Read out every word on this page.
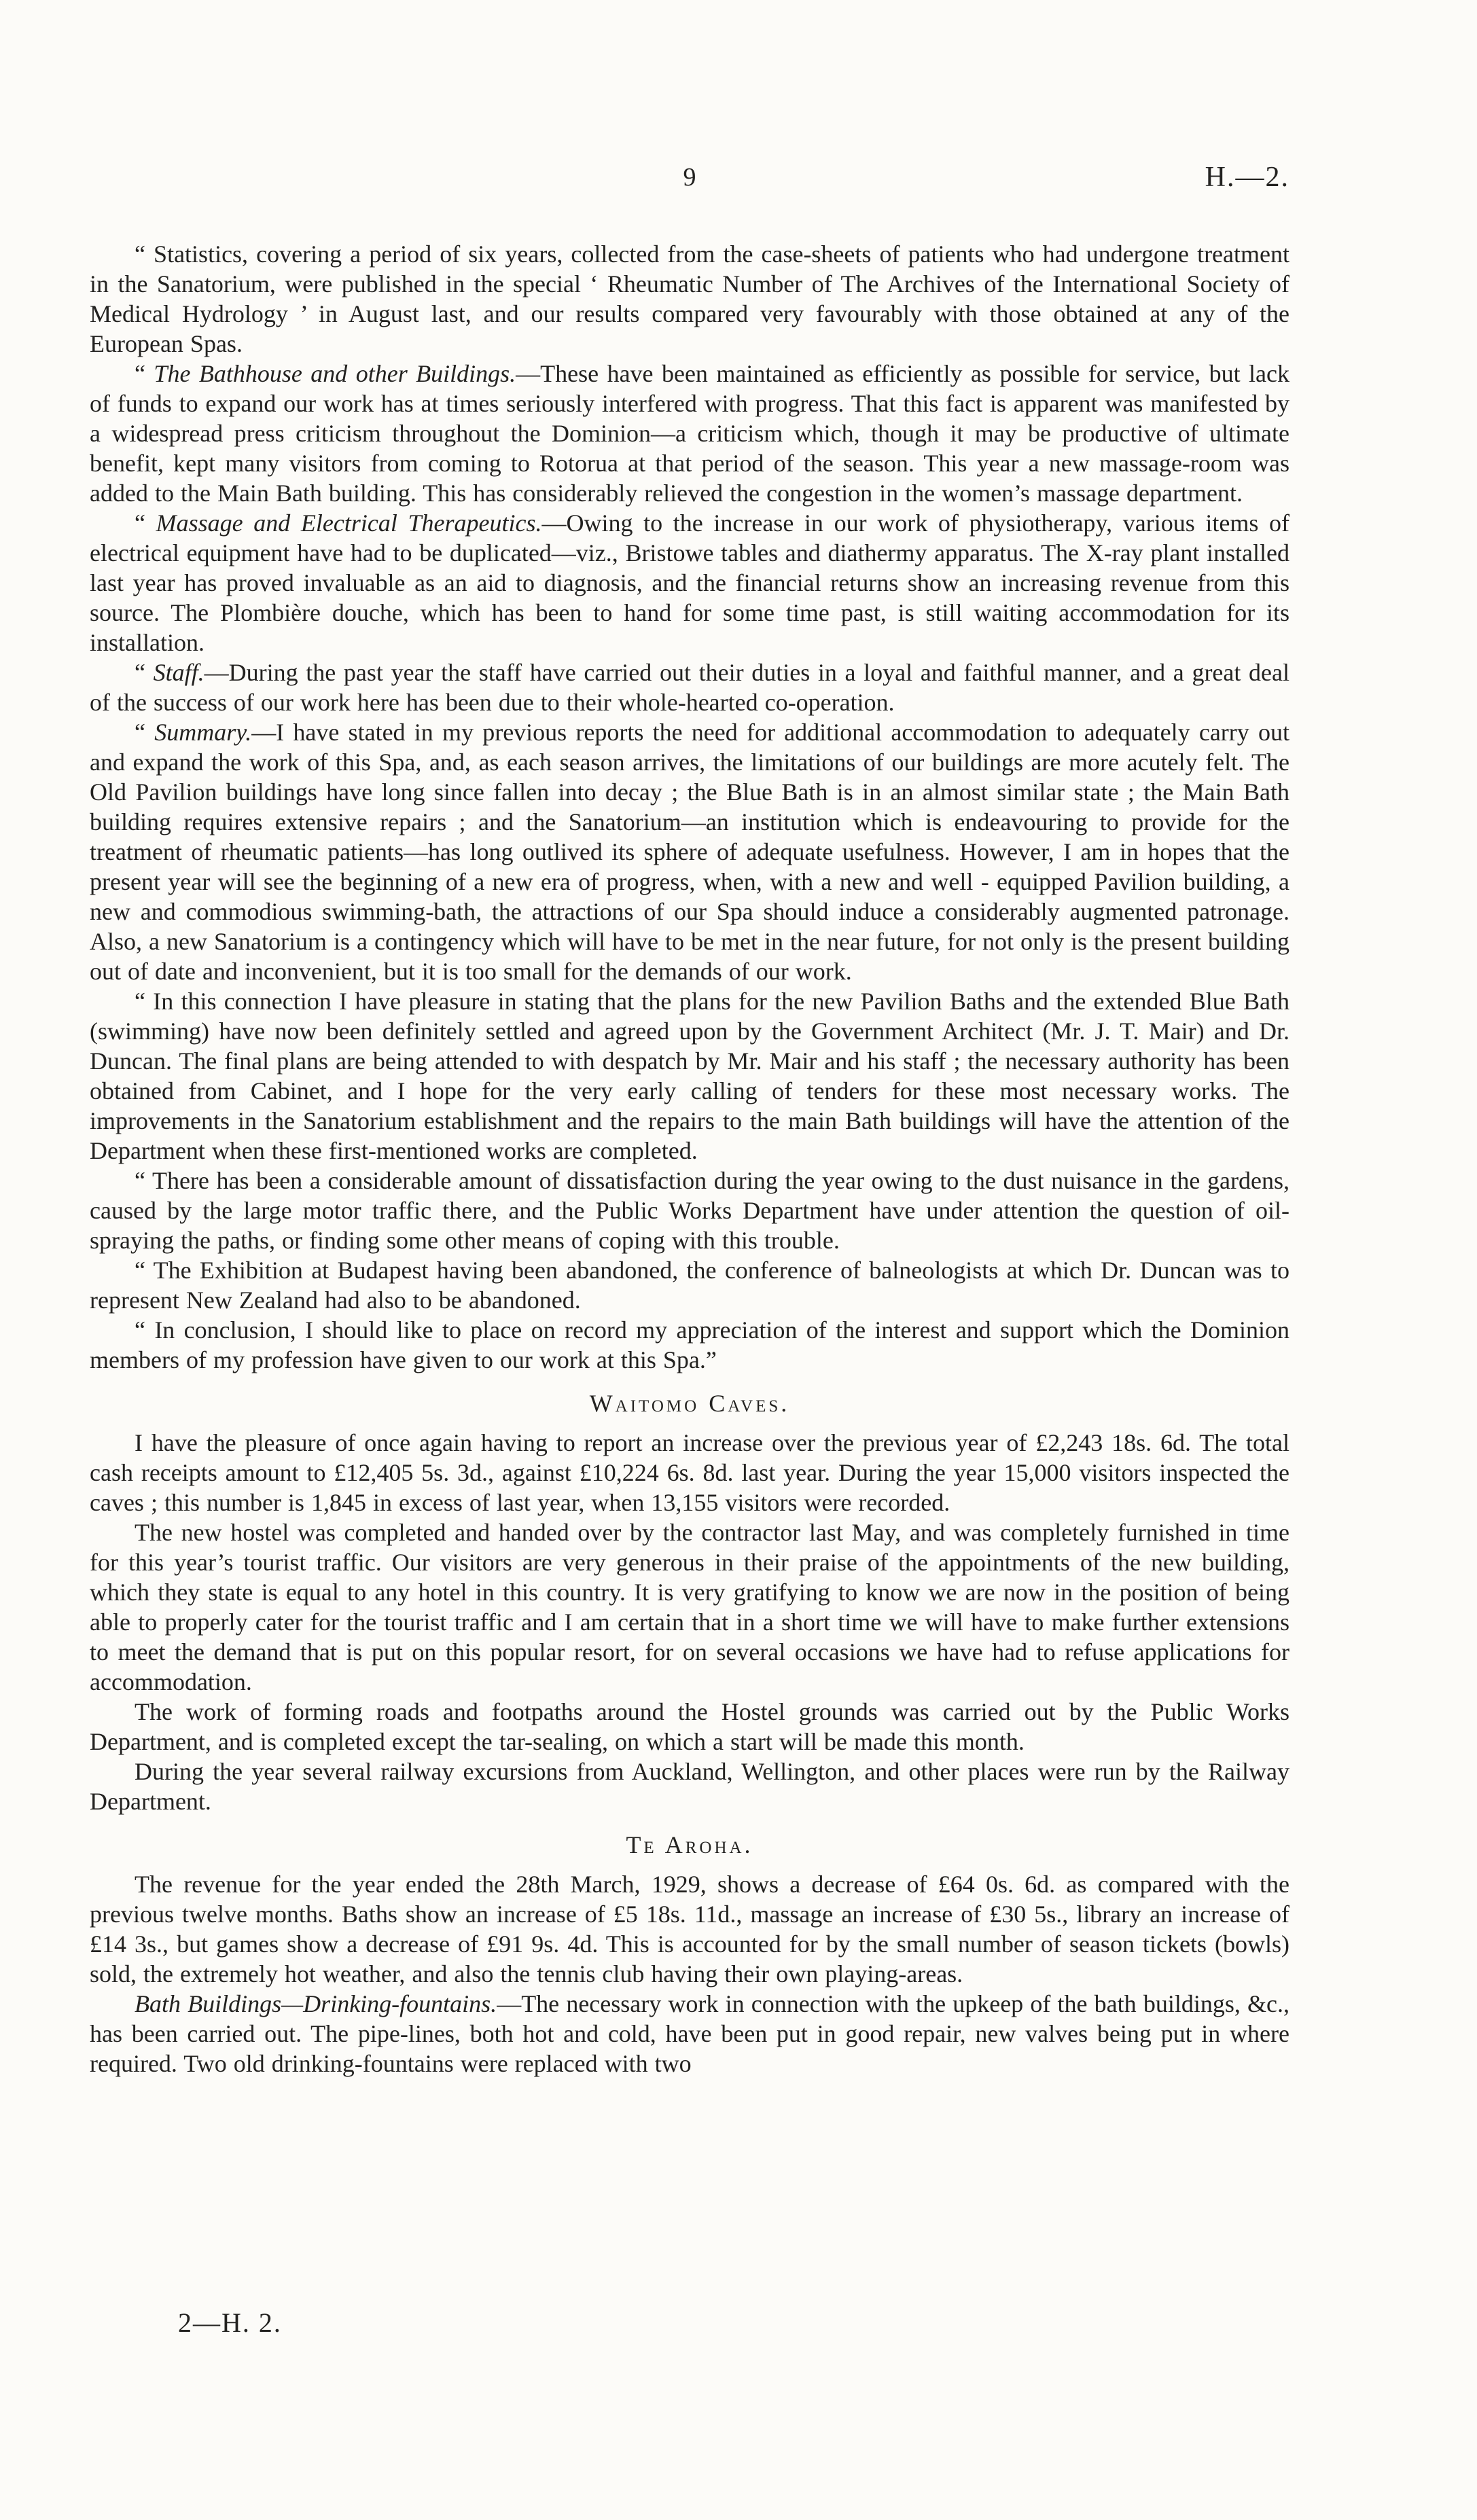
9	H.—2.

“ Statistics, covering a period of six years, collected from the case-sheets of patients who had undergone treatment in the Sanatorium, were published in the special ‘ Rheumatic Number of The Archives of the International Society of Medical Hydrology ’ in August last, and our results compared very favourably with those obtained at any of the European Spas.

“ The Bathhouse and other Buildings.—These have been maintained as efficiently as possible for service, but lack of funds to expand our work has at times seriously interfered with progress. That this fact is apparent was manifested by a widespread press criticism throughout the Dominion—a criticism which, though it may be productive of ultimate benefit, kept many visitors from coming to Rotorua at that period of the season. This year a new massage-room was added to the Main Bath building. This has considerably relieved the congestion in the women’s massage department.

“ Massage and Electrical Therapeutics.—Owing to the increase in our work of physiotherapy, various items of electrical equipment have had to be duplicated—viz., Bristowe tables and diathermy apparatus. The X-ray plant installed last year has proved invaluable as an aid to diagnosis, and the financial returns show an increasing revenue from this source. The Plombière douche, which has been to hand for some time past, is still waiting accommodation for its installation.

“ Staff.—During the past year the staff have carried out their duties in a loyal and faithful manner, and a great deal of the success of our work here has been due to their whole-hearted co-operation.

“ Summary.—I have stated in my previous reports the need for additional accommodation to adequately carry out and expand the work of this Spa, and, as each season arrives, the limitations of our buildings are more acutely felt. The Old Pavilion buildings have long since fallen into decay ; the Blue Bath is in an almost similar state ; the Main Bath building requires extensive repairs ; and the Sanatorium—an institution which is endeavouring to provide for the treatment of rheumatic patients—has long outlived its sphere of adequate usefulness. However, I am in hopes that the present year will see the beginning of a new era of progress, when, with a new and well - equipped Pavilion building, a new and commodious swimming-bath, the attractions of our Spa should induce a considerably augmented patronage. Also, a new Sanatorium is a contingency which will have to be met in the near future, for not only is the present building out of date and inconvenient, but it is too small for the demands of our work.

“ In this connection I have pleasure in stating that the plans for the new Pavilion Baths and the extended Blue Bath (swimming) have now been definitely settled and agreed upon by the Government Architect (Mr. J. T. Mair) and Dr. Duncan. The final plans are being attended to with despatch by Mr. Mair and his staff ; the necessary authority has been obtained from Cabinet, and I hope for the very early calling of tenders for these most necessary works. The improvements in the Sanatorium establishment and the repairs to the main Bath buildings will have the attention of the Department when these first-mentioned works are completed.

“ There has been a considerable amount of dissatisfaction during the year owing to the dust nuisance in the gardens, caused by the large motor traffic there, and the Public Works Department have under attention the question of oil-spraying the paths, or finding some other means of coping with this trouble.

“ The Exhibition at Budapest having been abandoned, the conference of balneologists at which Dr. Duncan was to represent New Zealand had also to be abandoned.

“ In conclusion, I should like to place on record my appreciation of the interest and support which the Dominion members of my profession have given to our work at this Spa.”

Waitomo Caves.

I have the pleasure of once again having to report an increase over the previous year of £2,243 18s. 6d. The total cash receipts amount to £12,405 5s. 3d., against £10,224 6s. 8d. last year. During the year 15,000 visitors inspected the caves ; this number is 1,845 in excess of last year, when 13,155 visitors were recorded.

The new hostel was completed and handed over by the contractor last May, and was completely furnished in time for this year’s tourist traffic. Our visitors are very generous in their praise of the appointments of the new building, which they state is equal to any hotel in this country. It is very gratifying to know we are now in the position of being able to properly cater for the tourist traffic and I am certain that in a short time we will have to make further extensions to meet the demand that is put on this popular resort, for on several occasions we have had to refuse applications for accommodation.

The work of forming roads and footpaths around the Hostel grounds was carried out by the Public Works Department, and is completed except the tar-sealing, on which a start will be made this month.

During the year several railway excursions from Auckland, Wellington, and other places were run by the Railway Department.

Te Aroha.

The revenue for the year ended the 28th March, 1929, shows a decrease of £64 0s. 6d. as compared with the previous twelve months. Baths show an increase of £5 18s. 11d., massage an increase of £30 5s., library an increase of £14 3s., but games show a decrease of £91 9s. 4d. This is accounted for by the small number of season tickets (bowls) sold, the extremely hot weather, and also the tennis club having their own playing-areas.

Bath Buildings—Drinking-fountains.—The necessary work in connection with the upkeep of the bath buildings, &c., has been carried out. The pipe-lines, both hot and cold, have been put in good repair, new valves being put in where required. Two old drinking-fountains were replaced with two

2—H. 2.
